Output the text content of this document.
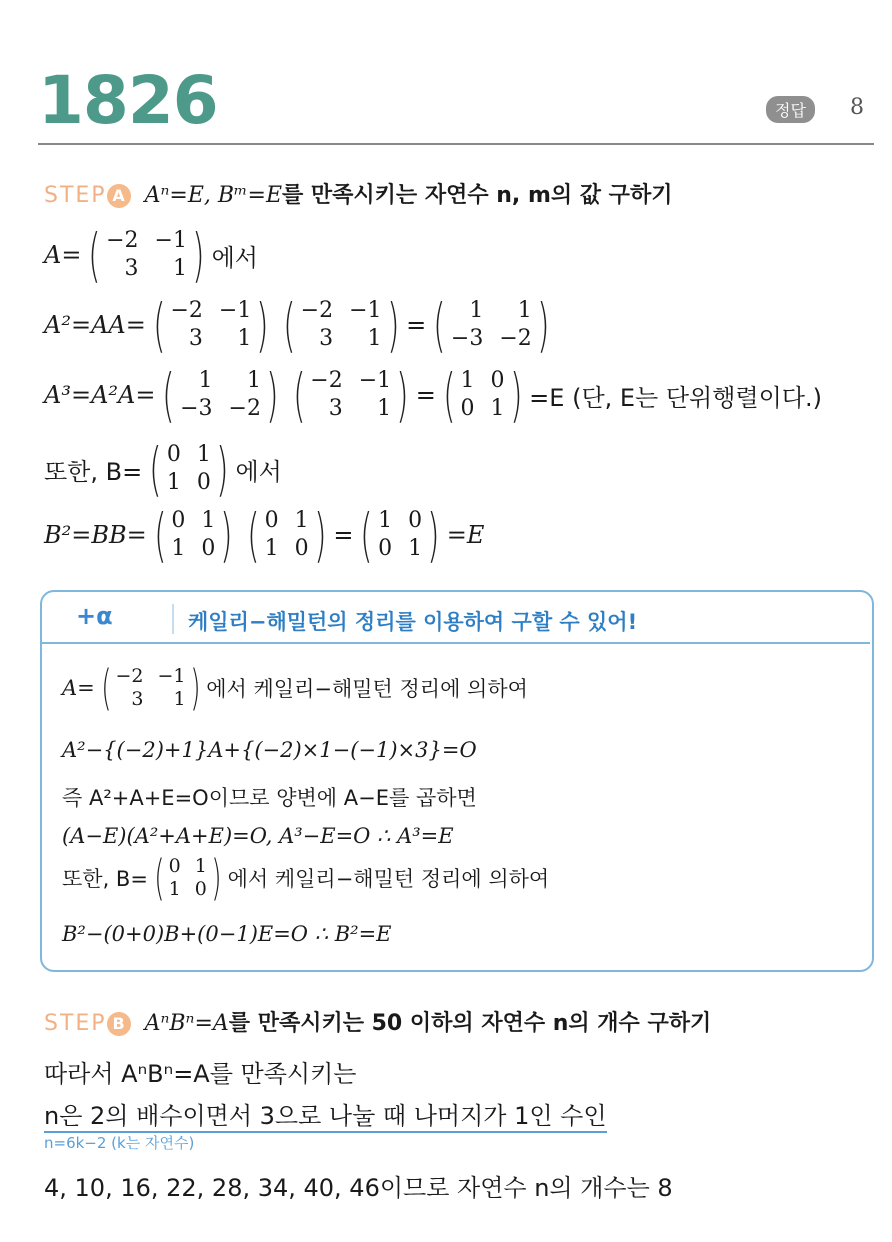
1826	정답	8
STEP A Aⁿ=E, Bᵐ=E를 만족시키는 자연수 n, m의 값 구하기
A= ( −2 −1
3	1 ) 에서
A²=AA= ( −2 −1
3	1 ) ( −2 −1
3	1 ) = (	1	1
−3 −2 )
A³=A²A= (	1	1
−3 −2 ) ( −2 −1
3	1 ) = ( 1 0
0 1 ) =E (단, E는 단위행렬이다.)
또한, B= ( 0 1
1 0 ) 에서
B²=BB= ( 0 1
1 0 ) ( 0 1
1 0 ) = ( 1 0
0 1 ) =E
+α	케일리−해밀턴의 정리를 이용하여 구할 수 있어!
A= ( −2 −1
3	1 ) 에서 케일리−해밀턴 정리에 의하여
A²−{(−2)+1}A+{(−2)×1−(−1)×3}=O
즉 A²+A+E=O이므로 양변에 A−E를 곱하면
(A−E)(A²+A+E)=O, A³−E=O ∴ A³=E
또한, B= ( 0 1
1 0 ) 에서 케일리−해밀턴 정리에 의하여
B²−(0+0)B+(0−1)E=O ∴ B²=E
STEP B AⁿBⁿ=A를 만족시키는 50 이하의 자연수 n의 개수 구하기
따라서 AⁿBⁿ=A를 만족시키는
n은 2의 배수이면서 3으로 나눌 때 나머지가 1인 수인
n=6k−2 (k는 자연수)
4, 10, 16, 22, 28, 34, 40, 46이므로 자연수 n의 개수는 8
